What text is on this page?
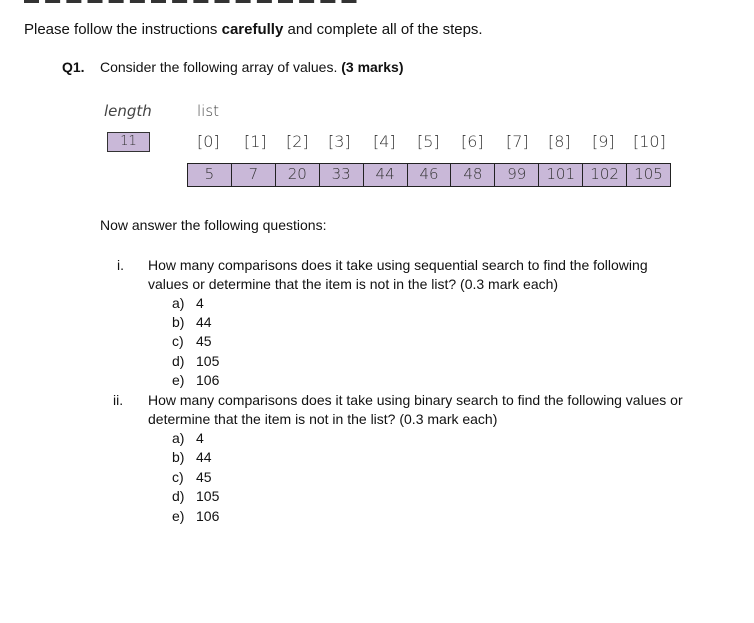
Please follow the instructions carefully and complete all of the steps.
Q1. Consider the following array of values. (3 marks)
length	list
11	[0] [1] [2] [3] [4] [5] [6] [7] [8] [9] [10]
5	7	20	33	44	46	48	99	101	102	105
Now answer the following questions:
i. How many comparisons does it take using sequential search to find the following
values or determine that the item is not in the list? (0.3 mark each)
a) 4
b) 44
c) 45
d) 105
e) 106
ii. How many comparisons does it take using binary search to find the following values or
determine that the item is not in the list? (0.3 mark each)
a) 4
b) 44
c) 45
d) 105
e) 106
